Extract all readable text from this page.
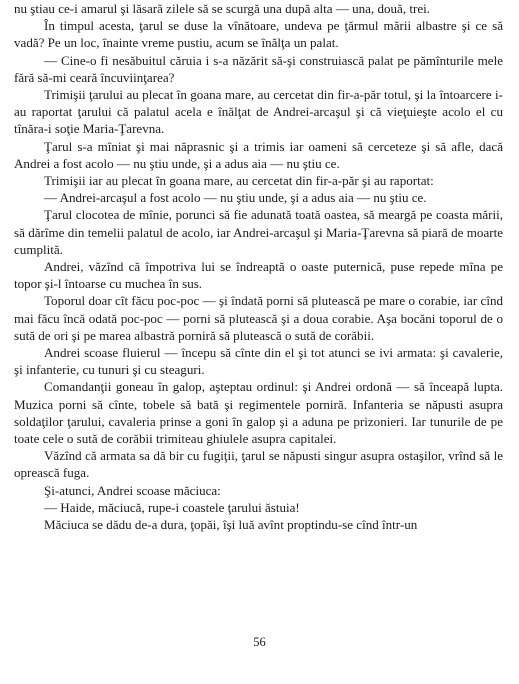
nu ştiau ce-i amarul şi lăsară zilele să se scurgă una după alta — una, două, trei.

În timpul acesta, ţarul se duse la vînătoare, undeva pe ţărmul mării albastre şi ce să vadă? Pe un loc, înainte vreme pustiu, acum se înălţa un palat.

— Cine-o fi nesăbuitul căruia i s-a năzărit să-şi construiască palat pe pămînturile mele fără să-mi ceară încuviinţarea?

Trimişii ţarului au plecat în goana mare, au cercetat din fir-a-păr totul, şi la întoarcere i-au raportat ţarului că palatul acela e înălţat de Andrei-arcaşul şi că vieţuieşte acolo el cu tînăra-i soţie Maria-Ţarevna.

Ţarul s-a mîniat şi mai năprasnic şi a trimis iar oameni să cerceteze şi să afle, dacă Andrei a fost acolo — nu ştiu unde, şi a adus aia — nu ştiu ce.

Trimişii iar au plecat în goana mare, au cercetat din fir-a-păr şi au raportat:

— Andrei-arcaşul a fost acolo — nu ştiu unde, şi a adus aia — nu ştiu ce.

Ţarul clocotea de mînie, porunci să fie adunată toată oastea, să meargă pe coasta mării, să dărîme din temelii palatul de acolo, iar Andrei-arcaşul şi Maria-Ţarevna să piară de moarte cumplită.

Andrei, văzînd că împotriva lui se îndreaptă o oaste puternică, puse repede mîna pe topor şi-l întoarse cu muchea în sus.

Toporul doar cît făcu poc-poc — şi îndată porni să plutească pe mare o corabie, iar cînd mai făcu încă odată poc-poc — porni să plutească şi a doua corabie. Aşa bocăni toporul de o sută de ori şi pe marea albastră porniră să plutească o sută de corăbii.

Andrei scoase fluierul — începu să cînte din el şi tot atunci se ivi armata: şi cavalerie, şi infanterie, cu tunuri şi cu steaguri.

Comandanţii goneau în galop, aşteptau ordinul: şi Andrei ordonă — să înceapă lupta. Muzica porni să cînte, tobele să bată şi regimentele porniră. Infanteria se năpusti asupra soldaţilor ţarului, cavaleria prinse a goni în galop şi a aduna pe prizonieri. Iar tunurile de pe toate cele o sută de corăbii trimiteau ghiulele asupra capitalei.

Văzînd că armata sa dă bir cu fugiţii, ţarul se năpusti singur asupra ostaşilor, vrînd să le oprească fuga.

Şi-atunci, Andrei scoase măciuca:

— Haide, măciucă, rupe-i coastele ţarului ăstuia!

Măciuca se dădu de-a dura, ţopăi, îşi luă avînt proptindu-se cînd într-un

56
